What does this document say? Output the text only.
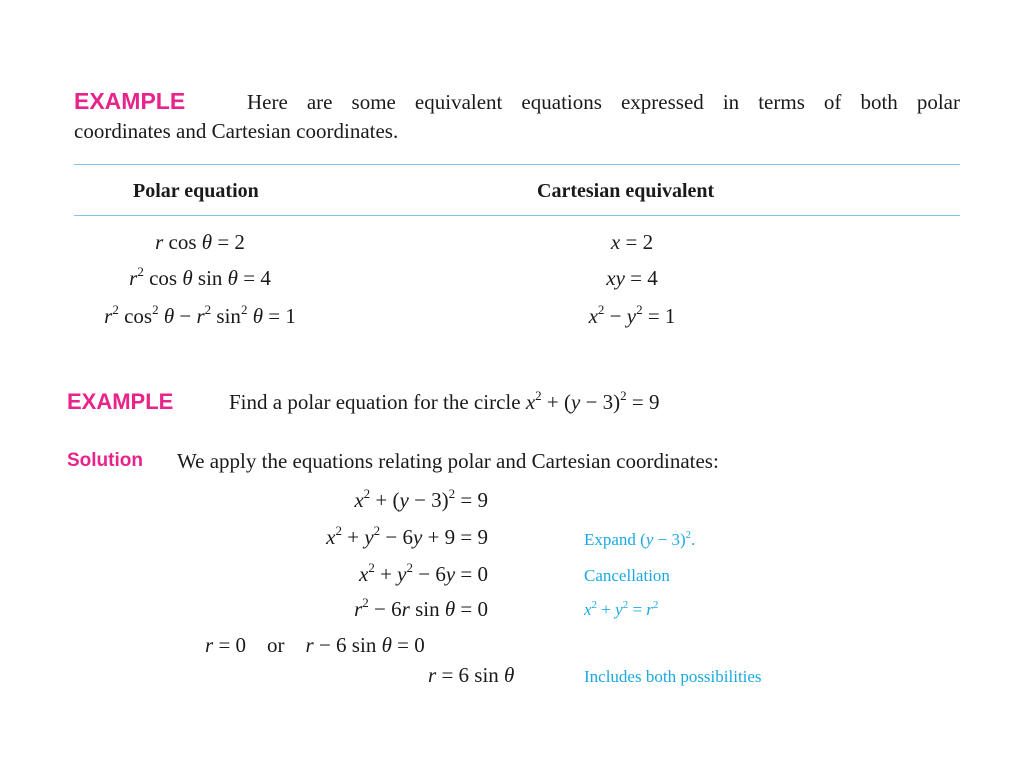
EXAMPLE	Here are some equivalent equations expressed in terms of both polar
coordinates and Cartesian coordinates.
Polar equation	Cartesian equivalent
r cos θ = 2	x = 2
$r^2$ cos θ sin θ = 4	xy = 4
$r^2$ $\cos^2 \theta - r^2$ $\sin^2 \theta = 1$	$x^2 - y^2 = 1$
EXAMPLE	Find a polar equation for the circle $x^2 + (y - 3)^2 = 9$
Solution We apply the equations relating polar and Cartesian coordinates:
$x^2 + (y - 3)^2 = 9$
$x^2 + y^2 - 6y + 9 = 9$	Expand $(y - 3)^2$.
$x^2 + y^2 - 6y = 0$	Cancellation
$r^2 - 6r$ sin θ = 0	$x^2 + y^2 = r^2$
r = 0    or    r − 6 sin θ = 0
r = 6 sin θ	Includes both possibilities
